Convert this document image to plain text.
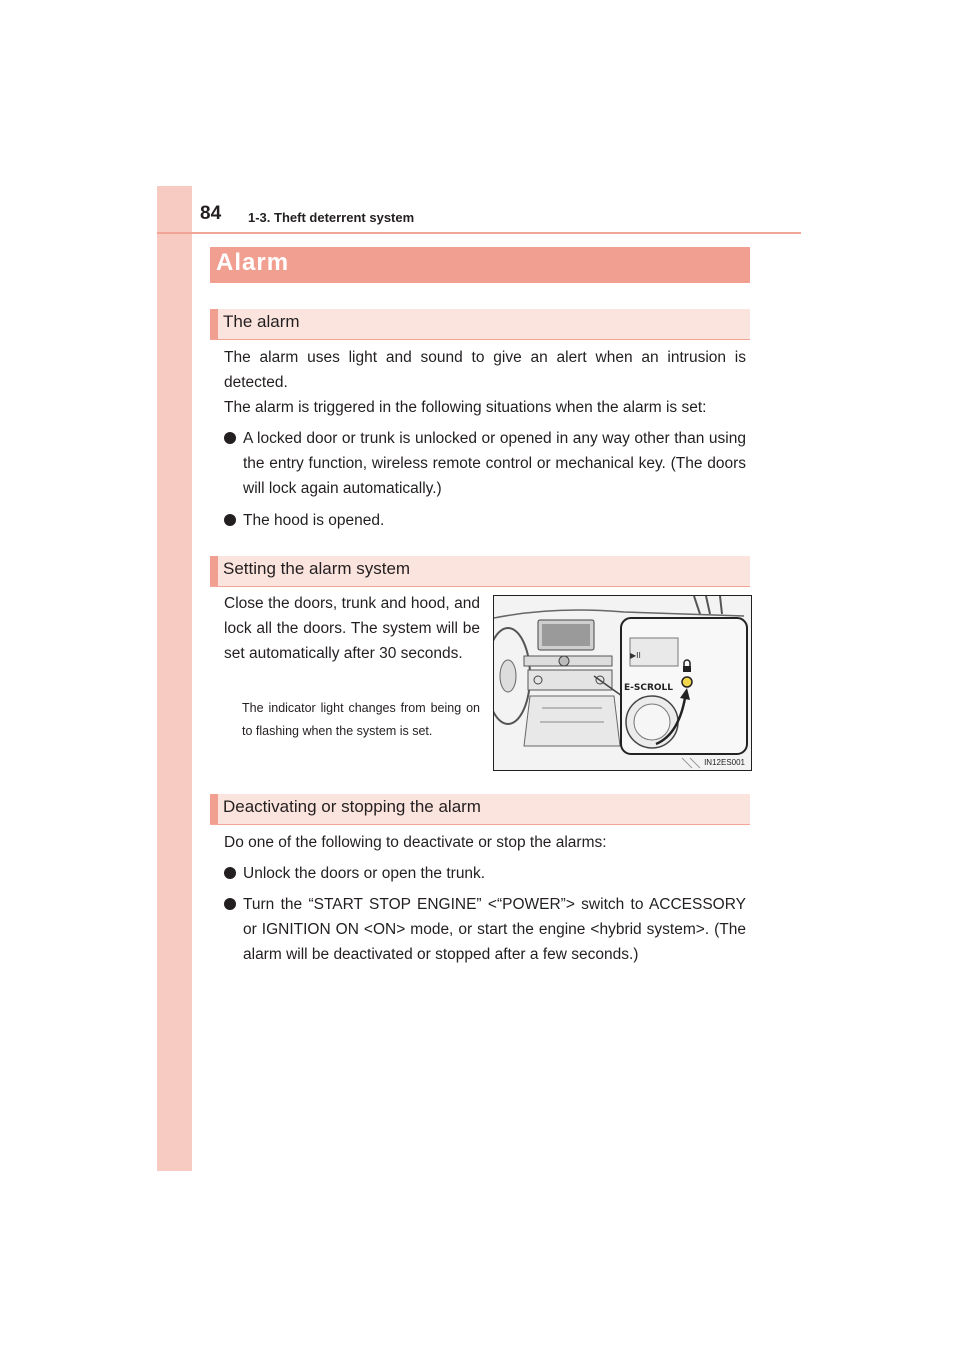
84 1-3. Theft deterrent system
Alarm
The alarm
The alarm uses light and sound to give an alert when an intrusion is detected.
The alarm is triggered in the following situations when the alarm is set:
A locked door or trunk is unlocked or opened in any way other than using the entry function, wireless remote control or mechanical key. (The doors will lock again automatically.)
The hood is opened.
Setting the alarm system
Close the doors, trunk and hood, and lock all the doors. The system will be set automatically after 30 seconds.
The indicator light changes from being on to flashing when the system is set.
▶II
E-SCROLL
IN12ES001
Deactivating or stopping the alarm
Do one of the following to deactivate or stop the alarms:
Unlock the doors or open the trunk.
Turn the “START STOP ENGINE” <“POWER”> switch to ACCESSORY or IGNITION ON <ON> mode, or start the engine <hybrid system>. (The alarm will be deactivated or stopped after a few seconds.)
